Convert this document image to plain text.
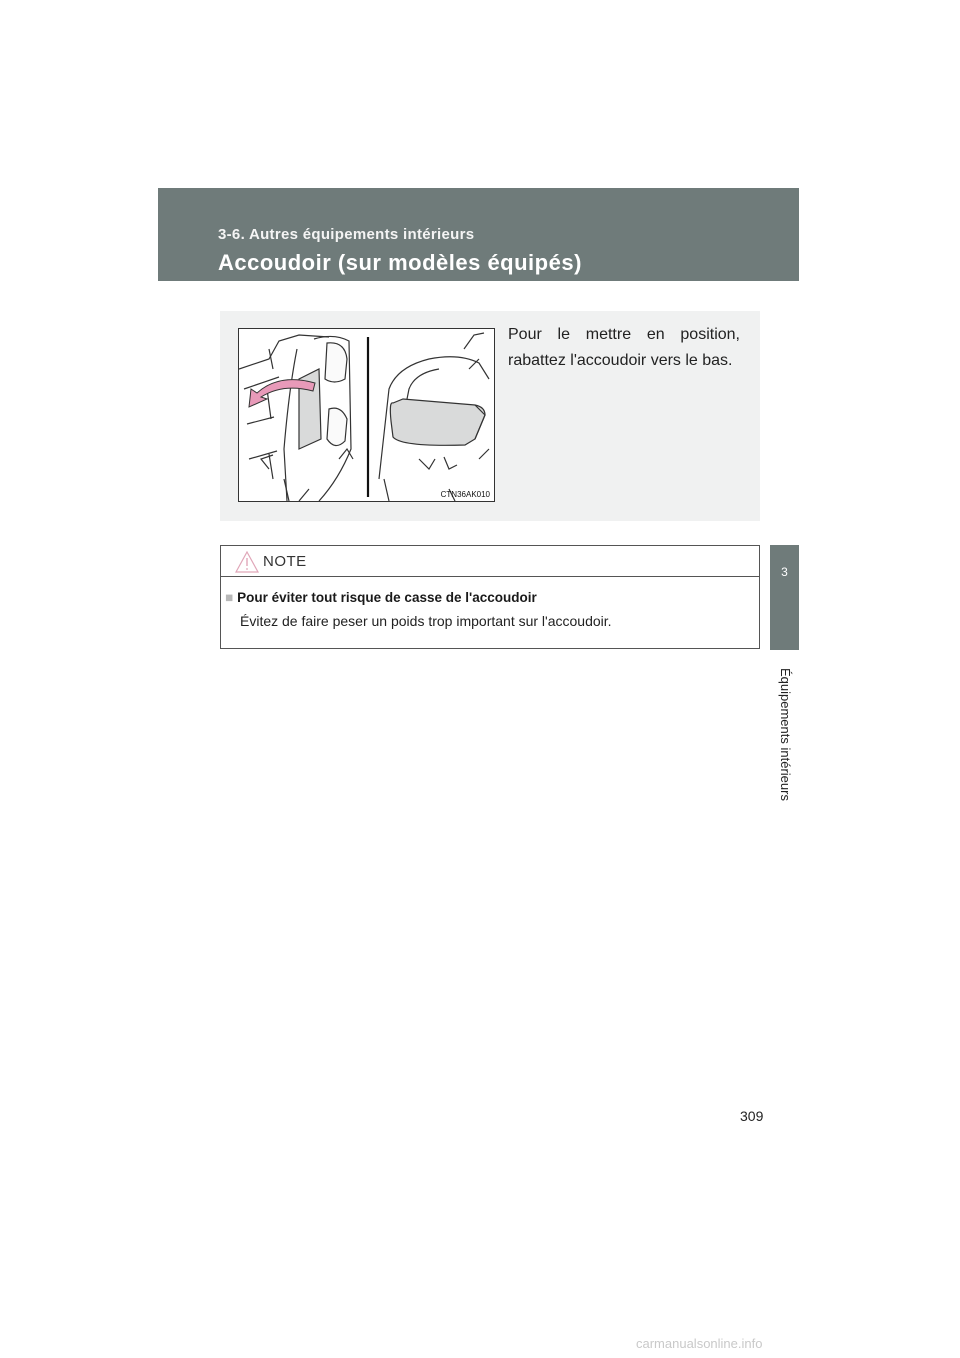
3-6. Autres équipements intérieurs
Accoudoir (sur modèles équipés)
3
Équipements intérieurs
CTN36AK010
Pour le mettre en position, rabattez l'accoudoir vers le bas.
NOTE
■ Pour éviter tout risque de casse de l'accoudoir
Évitez de faire peser un poids trop important sur l'accoudoir.
309
carmanualsonline.info
